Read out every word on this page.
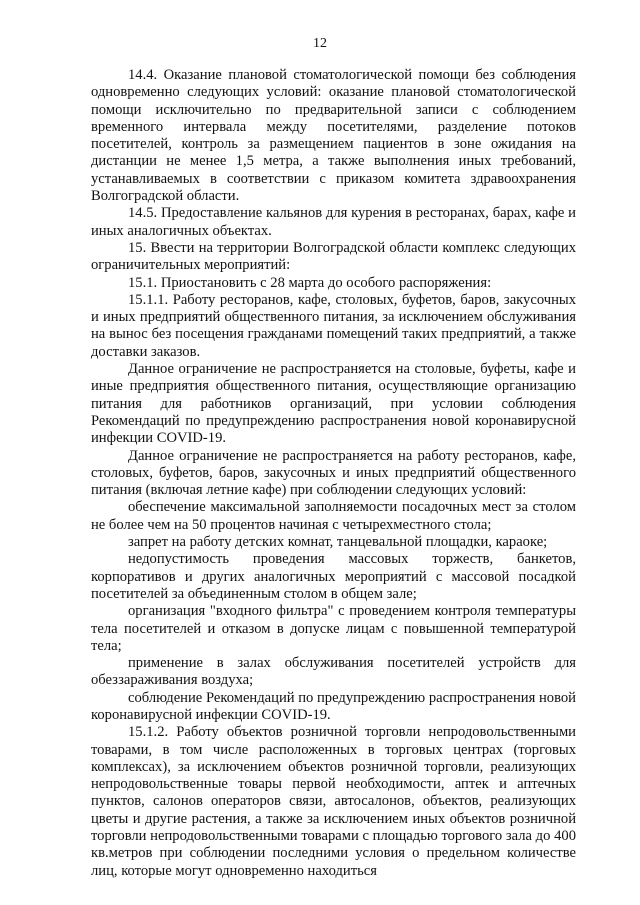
12

14.4. Оказание плановой стоматологической помощи без соблюдения одновременно следующих условий: оказание плановой стоматологической помощи исключительно по предварительной записи с соблюдением временного интервала между посетителями, разделение потоков посетителей, контроль за размещением пациентов в зоне ожидания на дистанции не менее 1,5 метра, а также выполнения иных требований, устанавливаемых в соответствии с приказом комитета здравоохранения Волгоградской области.

14.5. Предоставление кальянов для курения в ресторанах, барах, кафе и иных аналогичных объектах.

15. Ввести на территории Волгоградской области комплекс следующих ограничительных мероприятий:

15.1. Приостановить с 28 марта до особого распоряжения:

15.1.1. Работу ресторанов, кафе, столовых, буфетов, баров, закусочных и иных предприятий общественного питания, за исключением обслуживания на вынос без посещения гражданами помещений таких предприятий, а также доставки заказов.

Данное ограничение не распространяется на столовые, буфеты, кафе и иные предприятия общественного питания, осуществляющие организацию питания для работников организаций, при условии соблюдения Рекомендаций по предупреждению распространения новой коронавирусной инфекции COVID-19.

Данное ограничение не распространяется на работу ресторанов, кафе, столовых, буфетов, баров, закусочных и иных предприятий общественного питания (включая летние кафе) при соблюдении следующих условий:

обеспечение максимальной заполняемости посадочных мест за столом не более чем на 50 процентов начиная с четырехместного стола;

запрет на работу детских комнат, танцевальной площадки, караоке;

недопустимость проведения массовых торжеств, банкетов, корпоративов и других аналогичных мероприятий с массовой посадкой посетителей за объединенным столом в общем зале;

организация "входного фильтра" с проведением контроля температуры тела посетителей и отказом в допуске лицам с повышенной температурой тела;

применение в залах обслуживания посетителей устройств для обеззараживания воздуха;

соблюдение Рекомендаций по предупреждению распространения новой коронавирусной инфекции COVID-19.

15.1.2. Работу объектов розничной торговли непродовольственными товарами, в том числе расположенных в торговых центрах (торговых комплексах), за исключением объектов розничной торговли, реализующих непродовольственные товары первой необходимости, аптек и аптечных пунктов, салонов операторов связи, автосалонов, объектов, реализующих цветы и другие растения, а также за исключением иных объектов розничной торговли непродовольственными товарами с площадью торгового зала до 400 кв.метров при соблюдении последними условия о предельном количестве лиц, которые могут одновременно находиться
